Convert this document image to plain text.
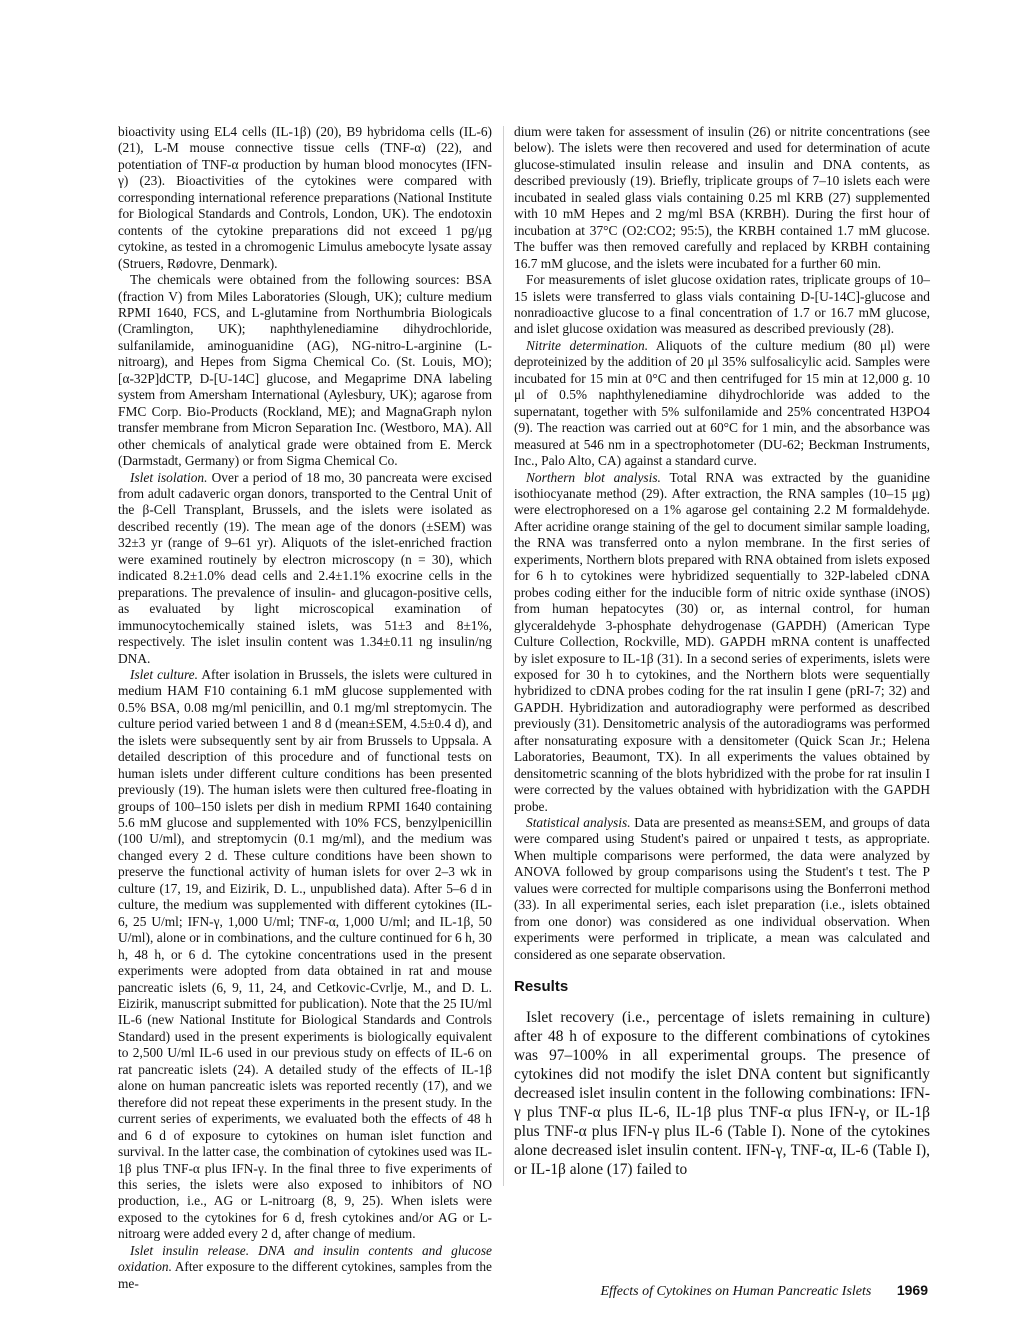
bioactivity using EL4 cells (IL-1β) (20), B9 hybridoma cells (IL-6) (21), L-M mouse connective tissue cells (TNF-α) (22), and potentiation of TNF-α production by human blood monocytes (IFN-γ) (23). Bioactivities of the cytokines were compared with corresponding international reference preparations (National Institute for Biological Standards and Controls, London, UK). The endotoxin contents of the cytokine preparations did not exceed 1 pg/μg cytokine, as tested in a chromogenic Limulus amebocyte lysate assay (Struers, Rødovre, Denmark).

The chemicals were obtained from the following sources: BSA (fraction V) from Miles Laboratories (Slough, UK); culture medium RPMI 1640, FCS, and L-glutamine from Northumbria Biologicals (Cramlington, UK); naphthylenediamine dihydrochloride, sulfanilamide, aminoguanidine (AG), NG-nitro-L-arginine (L-nitroarg), and Hepes from Sigma Chemical Co. (St. Louis, MO); [α-32P]dCTP, D-[U-14C] glucose, and Megaprime DNA labeling system from Amersham International (Aylesbury, UK); agarose from FMC Corp. Bio-Products (Rockland, ME); and MagnaGraph nylon transfer membrane from Micron Separation Inc. (Westboro, MA). All other chemicals of analytical grade were obtained from E. Merck (Darmstadt, Germany) or from Sigma Chemical Co.

Islet isolation. Over a period of 18 mo, 30 pancreata were excised from adult cadaveric organ donors, transported to the Central Unit of the β-Cell Transplant, Brussels, and the islets were isolated as described recently (19). The mean age of the donors (±SEM) was 32±3 yr (range of 9–61 yr). Aliquots of the islet-enriched fraction were examined routinely by electron microscopy (n = 30), which indicated 8.2±1.0% dead cells and 2.4±1.1% exocrine cells in the preparations. The prevalence of insulin- and glucagon-positive cells, as evaluated by light microscopical examination of immunocytochemically stained islets, was 51±3 and 8±1%, respectively. The islet insulin content was 1.34±0.11 ng insulin/ng DNA.

Islet culture. After isolation in Brussels, the islets were cultured in medium HAM F10 containing 6.1 mM glucose supplemented with 0.5% BSA, 0.08 mg/ml penicillin, and 0.1 mg/ml streptomycin. The culture period varied between 1 and 8 d (mean±SEM, 4.5±0.4 d), and the islets were subsequently sent by air from Brussels to Uppsala. A detailed description of this procedure and of functional tests on human islets under different culture conditions has been presented previously (19). The human islets were then cultured free-floating in groups of 100–150 islets per dish in medium RPMI 1640 containing 5.6 mM glucose and supplemented with 10% FCS, benzylpenicillin (100 U/ml), and streptomycin (0.1 mg/ml), and the medium was changed every 2 d. These culture conditions have been shown to preserve the functional activity of human islets for over 2–3 wk in culture (17, 19, and Eizirik, D. L., unpublished data). After 5–6 d in culture, the medium was supplemented with different cytokines (IL-6, 25 U/ml; IFN-γ, 1,000 U/ml; TNF-α, 1,000 U/ml; and IL-1β, 50 U/ml), alone or in combinations, and the culture continued for 6 h, 30 h, 48 h, or 6 d. The cytokine concentrations used in the present experiments were adopted from data obtained in rat and mouse pancreatic islets (6, 9, 11, 24, and Cetkovic-Cvrlje, M., and D. L. Eizirik, manuscript submitted for publication). Note that the 25 IU/ml IL-6 (new National Institute for Biological Standards and Controls Standard) used in the present experiments is biologically equivalent to 2,500 U/ml IL-6 used in our previous study on effects of IL-6 on rat pancreatic islets (24). A detailed study of the effects of IL-1β alone on human pancreatic islets was reported recently (17), and we therefore did not repeat these experiments in the present study. In the current series of experiments, we evaluated both the effects of 48 h and 6 d of exposure to cytokines on human islet function and survival. In the latter case, the combination of cytokines used was IL-1β plus TNF-α plus IFN-γ. In the final three to five experiments of this series, the islets were also exposed to inhibitors of NO production, i.e., AG or L-nitroarg (8, 9, 25). When islets were exposed to the cytokines for 6 d, fresh cytokines and/or AG or L-nitroarg were added every 2 d, after change of medium.

Islet insulin release. DNA and insulin contents and glucose oxidation. After exposure to the different cytokines, samples from the me-

dium were taken for assessment of insulin (26) or nitrite concentrations (see below). The islets were then recovered and used for determination of acute glucose-stimulated insulin release and insulin and DNA contents, as described previously (19). Briefly, triplicate groups of 7–10 islets each were incubated in sealed glass vials containing 0.25 ml KRB (27) supplemented with 10 mM Hepes and 2 mg/ml BSA (KRBH). During the first hour of incubation at 37°C (O2:CO2; 95:5), the KRBH contained 1.7 mM glucose. The buffer was then removed carefully and replaced by KRBH containing 16.7 mM glucose, and the islets were incubated for a further 60 min.

For measurements of islet glucose oxidation rates, triplicate groups of 10–15 islets were transferred to glass vials containing D-[U-14C]-glucose and nonradioactive glucose to a final concentration of 1.7 or 16.7 mM glucose, and islet glucose oxidation was measured as described previously (28).

Nitrite determination. Aliquots of the culture medium (80 μl) were deproteinized by the addition of 20 μl 35% sulfosalicylic acid. Samples were incubated for 15 min at 0°C and then centrifuged for 15 min at 12,000 g. 10 μl of 0.5% naphthylenediamine dihydrochloride was added to the supernatant, together with 5% sulfonilamide and 25% concentrated H3PO4 (9). The reaction was carried out at 60°C for 1 min, and the absorbance was measured at 546 nm in a spectrophotometer (DU-62; Beckman Instruments, Inc., Palo Alto, CA) against a standard curve.

Northern blot analysis. Total RNA was extracted by the guanidine isothiocyanate method (29). After extraction, the RNA samples (10–15 μg) were electrophoresed on a 1% agarose gel containing 2.2 M formaldehyde. After acridine orange staining of the gel to document similar sample loading, the RNA was transferred onto a nylon membrane. In the first series of experiments, Northern blots prepared with RNA obtained from islets exposed for 6 h to cytokines were hybridized sequentially to 32P-labeled cDNA probes coding either for the inducible form of nitric oxide synthase (iNOS) from human hepatocytes (30) or, as internal control, for human glyceraldehyde 3-phosphate dehydrogenase (GAPDH) (American Type Culture Collection, Rockville, MD). GAPDH mRNA content is unaffected by islet exposure to IL-1β (31). In a second series of experiments, islets were exposed for 30 h to cytokines, and the Northern blots were sequentially hybridized to cDNA probes coding for the rat insulin I gene (pRI-7; 32) and GAPDH. Hybridization and autoradiography were performed as described previously (31). Densitometric analysis of the autoradiograms was performed after nonsaturating exposure with a densitometer (Quick Scan Jr.; Helena Laboratories, Beaumont, TX). In all experiments the values obtained by densitometric scanning of the blots hybridized with the probe for rat insulin I were corrected by the values obtained with hybridization with the GAPDH probe.

Statistical analysis. Data are presented as means±SEM, and groups of data were compared using Student's paired or unpaired t tests, as appropriate. When multiple comparisons were performed, the data were analyzed by ANOVA followed by group comparisons using the Student's t test. The P values were corrected for multiple comparisons using the Bonferroni method (33). In all experimental series, each islet preparation (i.e., islets obtained from one donor) was considered as one individual observation. When experiments were performed in triplicate, a mean was calculated and considered as one separate observation.

Results

Islet recovery (i.e., percentage of islets remaining in culture) after 48 h of exposure to the different combinations of cytokines was 97–100% in all experimental groups. The presence of cytokines did not modify the islet DNA content but significantly decreased islet insulin content in the following combinations: IFN-γ plus TNF-α plus IL-6, IL-1β plus TNF-α plus IFN-γ, or IL-1β plus TNF-α plus IFN-γ plus IL-6 (Table I). None of the cytokines alone decreased islet insulin content. IFN-γ, TNF-α, IL-6 (Table I), or IL-1β alone (17) failed to

Effects of Cytokines on Human Pancreatic Islets 1969
